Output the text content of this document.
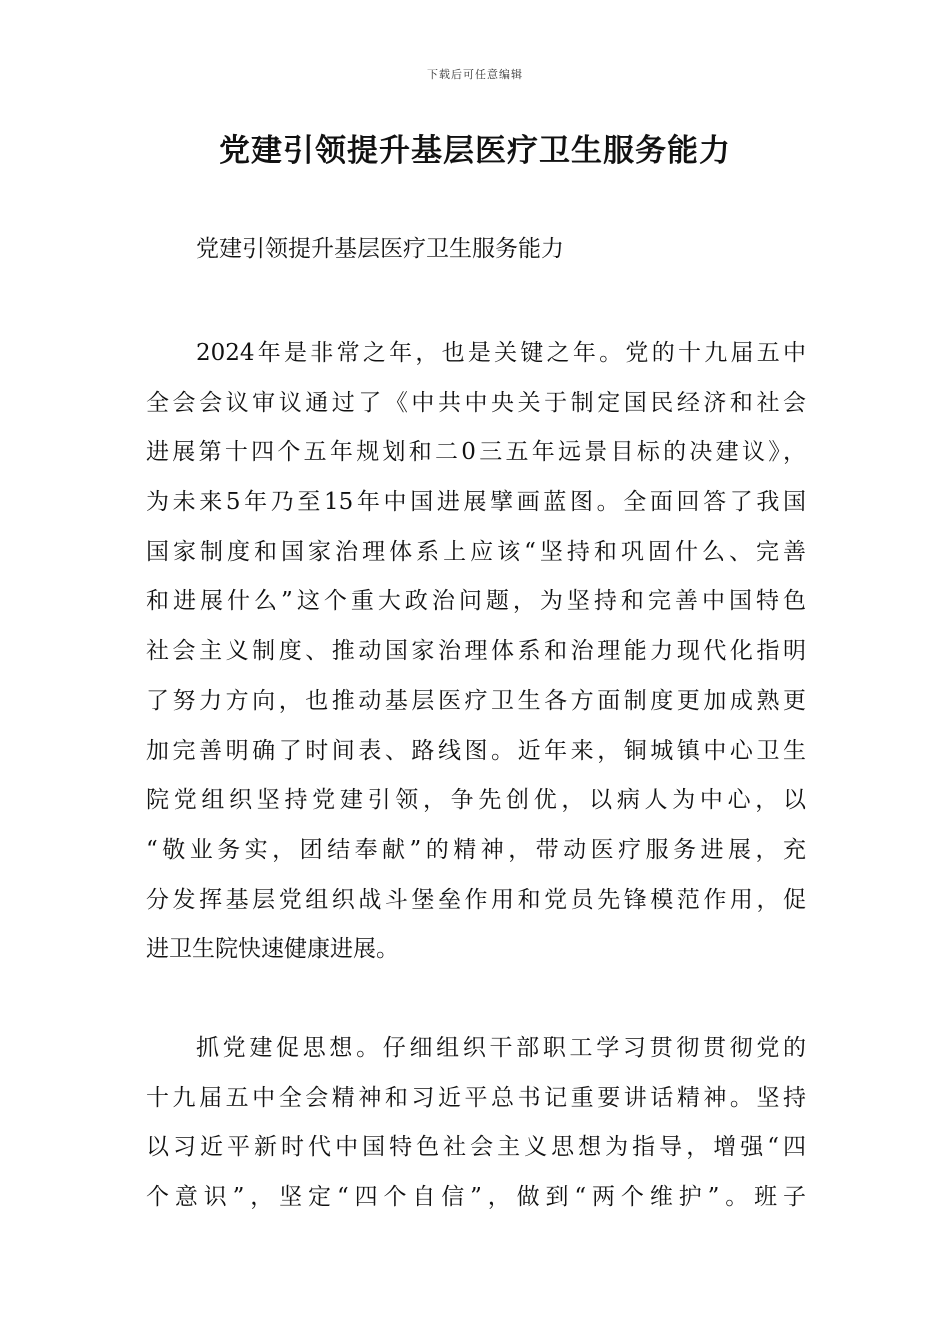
下载后可任意编辑
党建引领提升基层医疗卫生服务能力
党建引领提升基层医疗卫生服务能力
2024年是非常之年，也是关键之年。党的十九届五中
全会会议审议通过了《中共中央关于制定国民经济和社会
进展第十四个五年规划和二0三五年远景目标的决建议》，
为未来5年乃至15年中国进展擘画蓝图。全面回答了我国
国家制度和国家治理体系上应该“坚持和巩固什么、完善
和进展什么”这个重大政治问题，为坚持和完善中国特色
社会主义制度、推动国家治理体系和治理能力现代化指明
了努力方向，也推动基层医疗卫生各方面制度更加成熟更
加完善明确了时间表、路线图。近年来，铜城镇中心卫生
院党组织坚持党建引领，争先创优，以病人为中心，以
“敬业务实，团结奉献”的精神，带动医疗服务进展，充
分发挥基层党组织战斗堡垒作用和党员先锋模范作用，促
进卫生院快速健康进展。
抓党建促思想。仔细组织干部职工学习贯彻贯彻党的
十九届五中全会精神和习近平总书记重要讲话精神。坚持
以习近平新时代中国特色社会主义思想为指导，增强“四
个意识”，坚定“四个自信”，做到“两个维护”。班子
